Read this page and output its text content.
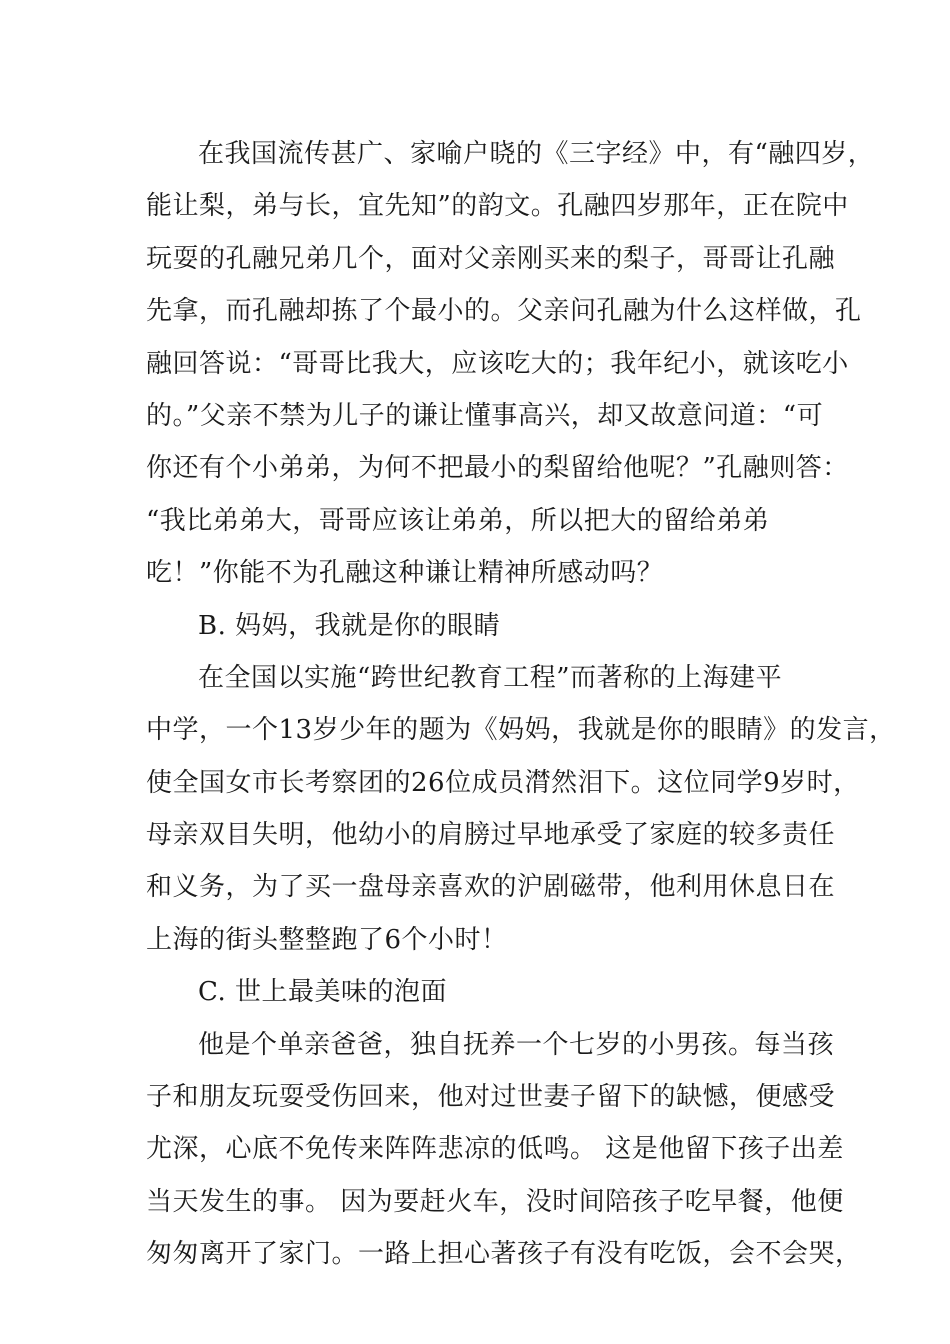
在我国流传甚广、家喻户晓的《三字经》中，有“融四岁，
能让梨，弟与长，宜先知”的韵文。孔融四岁那年，正在院中
玩耍的孔融兄弟几个，面对父亲刚买来的梨子，哥哥让孔融
先拿，而孔融却拣了个最小的。父亲问孔融为什么这样做，孔
融回答说：“哥哥比我大，应该吃大的；我年纪小，就该吃小
的。”父亲不禁为儿子的谦让懂事高兴，却又故意问道：“可
你还有个小弟弟，为何不把最小的梨留给他呢？”孔融则答：
“我比弟弟大，哥哥应该让弟弟，所以把大的留给弟弟
吃！”你能不为孔融这种谦让精神所感动吗？
B. 妈妈，我就是你的眼睛
在全国以实施“跨世纪教育工程”而著称的上海建平
中学，一个13岁少年的题为《妈妈，我就是你的眼睛》的发言，
使全国女市长考察团的26位成员潸然泪下。这位同学9岁时，
母亲双目失明，他幼小的肩膀过早地承受了家庭的较多责任
和义务，为了买一盘母亲喜欢的沪剧磁带，他利用休息日在
上海的街头整整跑了6个小时！
C. 世上最美味的泡面
他是个单亲爸爸，独自抚养一个七岁的小男孩。每当孩
子和朋友玩耍受伤回来，他对过世妻子留下的缺憾，便感受
尤深，心底不免传来阵阵悲凉的低鸣。 这是他留下孩子出差
当天发生的事。 因为要赶火车，没时间陪孩子吃早餐，他便
匆匆离开了家门。一路上担心著孩子有没有吃饭，会不会哭，
